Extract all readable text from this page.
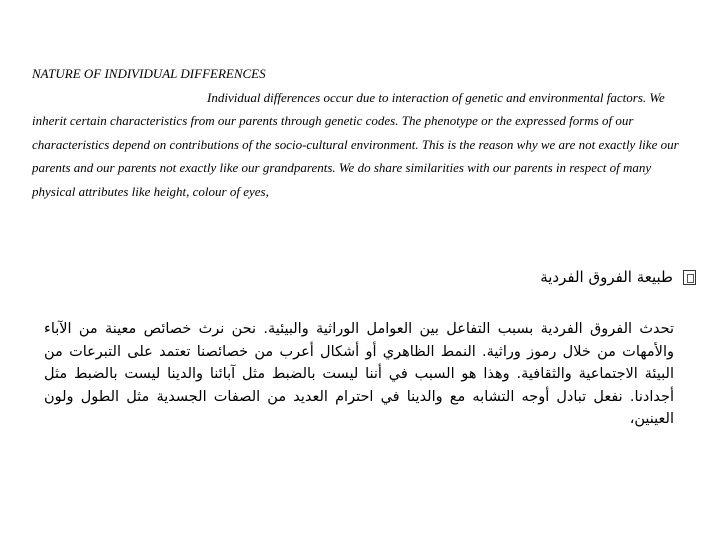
NATURE OF INDIVIDUAL DIFFERENCES

Individual differences occur due to interaction of genetic and environmental factors. We inherit certain characteristics from our parents through genetic codes. The phenotype or the expressed forms of our characteristics depend on contributions of the socio-cultural environment. This is the reason why we are not exactly like our parents and our parents not exactly like our grandparents. We do share similarities with our parents in respect of many physical attributes like height, colour of eyes,

طبيعة الفروق الفردية

تحدث الفروق الفردية بسبب التفاعل بين العوامل الوراثية والبيئية. نحن نرث خصائص معينة من الآباء والأمهات من خلال رموز وراثية. النمط الظاهري أو أشكال أعرب من خصائصنا تعتمد على التبرعات من البيئة الاجتماعية والثقافية. وهذا هو السبب في أننا ليست بالضبط مثل آبائنا والدينا ليست بالضبط مثل أجدادنا. نفعل تبادل أوجه التشابه مع والدينا في احترام العديد من الصفات الجسدية مثل الطول ولون العينين،
